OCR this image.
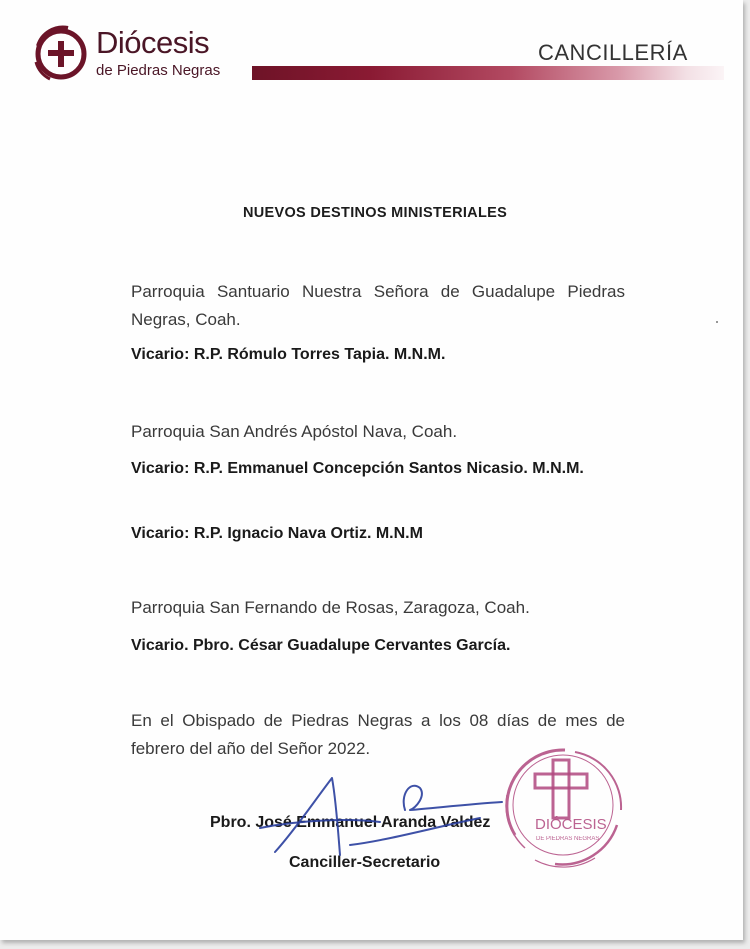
Diócesis
de Piedras Negras
CANCILLERÍA
NUEVOS DESTINOS MINISTERIALES
Parroquia Santuario Nuestra Señora de Guadalupe Piedras Negras, Coah.
Vicario: R.P. Rómulo Torres Tapia. M.N.M.
Parroquia San Andrés Apóstol Nava, Coah.
Vicario: R.P. Emmanuel Concepción Santos Nicasio. M.N.M.
Vicario: R.P. Ignacio Nava Ortiz. M.N.M
Parroquia San Fernando de Rosas, Zaragoza, Coah.
Vicario. Pbro. César Guadalupe Cervantes García.
En el Obispado de Piedras Negras a los 08 días de mes de febrero del año del Señor 2022.
DIÓCESIS
DE PIEDRAS NEGRAS
Pbro. José Emmanuel Aranda Valdez
Canciller-Secretario
